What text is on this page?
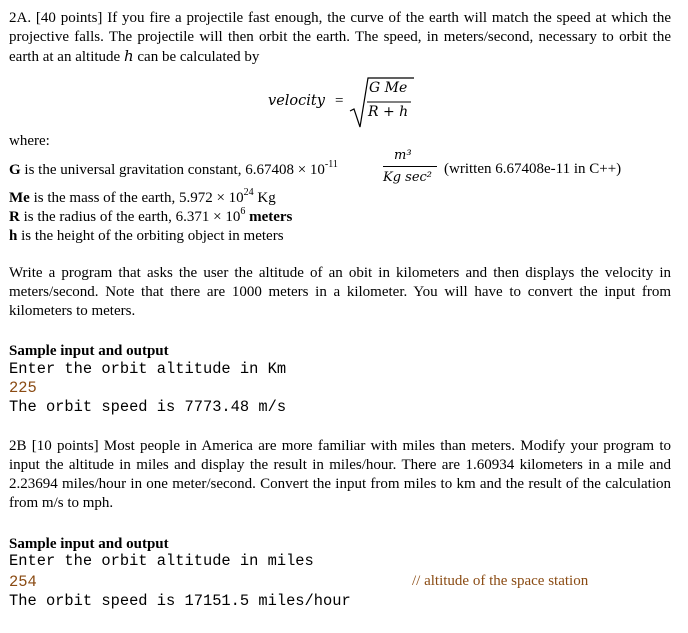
2A. [40 points] If you fire a projectile fast enough, the curve of the earth will match the speed at which the projective falls. The projectile will then orbit the earth. The speed, in meters/second, necessary to orbit the earth at an altitude h can be calculated by
velocity =
G Me
R + h
where:
G is the universal gravitation constant, $6.67408 \times 10^{-11}$
m³
Kg sec²
(written 6.67408e-11 in C++)
Me is the mass of the earth, $5.972 \times 10^{24}$ Kg
R is the radius of the earth, $6.371 \times 10^6$ meters
h is the height of the orbiting object in meters
Write a program that asks the user the altitude of an obit in kilometers and then displays the velocity in meters/second. Note that there are 1000 meters in a kilometer. You will have to convert the input from kilometers to meters.
Sample input and output
Enter the orbit altitude in Km
225
The orbit speed is 7773.48 m/s
2B [10 points] Most people in America are more familiar with miles than meters. Modify your program to input the altitude in miles and display the result in miles/hour. There are 1.60934 kilometers in a mile and 2.23694 miles/hour in one meter/second. Convert the input from miles to km and the result of the calculation from m/s to mph.
Sample input and output
Enter the orbit altitude in miles
254	// altitude of the space station
The orbit speed is 17151.5 miles/hour
